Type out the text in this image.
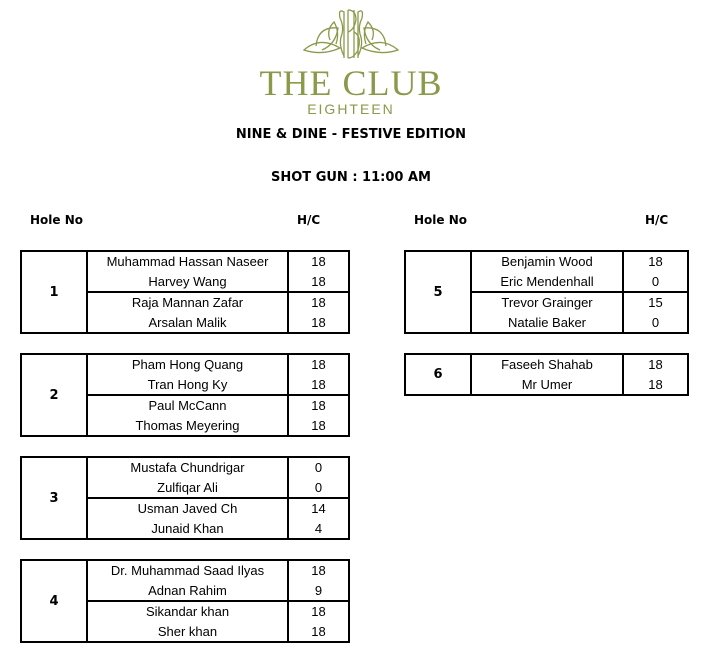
THE CLUB
EIGHTEEN
NINE & DINE - FESTIVE EDITION
SHOT GUN : 11:00 AM
Hole No	H/C	Hole No	H/C
1	Muhammad Hassan Naseer	18
	Harvey Wang	18
	Raja Mannan Zafar	18
	Arsalan Malik	18
2	Pham Hong Quang	18
	Tran Hong Ky	18
	Paul McCann	18
	Thomas Meyering	18
3	Mustafa Chundrigar	0
	Zulfiqar Ali	0
	Usman Javed Ch	14
	Junaid Khan	4
4	Dr. Muhammad Saad Ilyas	18
	Adnan Rahim	9
	Sikandar khan	18
	Sher khan	18
5	Benjamin Wood	18
	Eric Mendenhall	0
	Trevor Grainger	15
	Natalie Baker	0
6	Faseeh Shahab	18
	Mr Umer	18
